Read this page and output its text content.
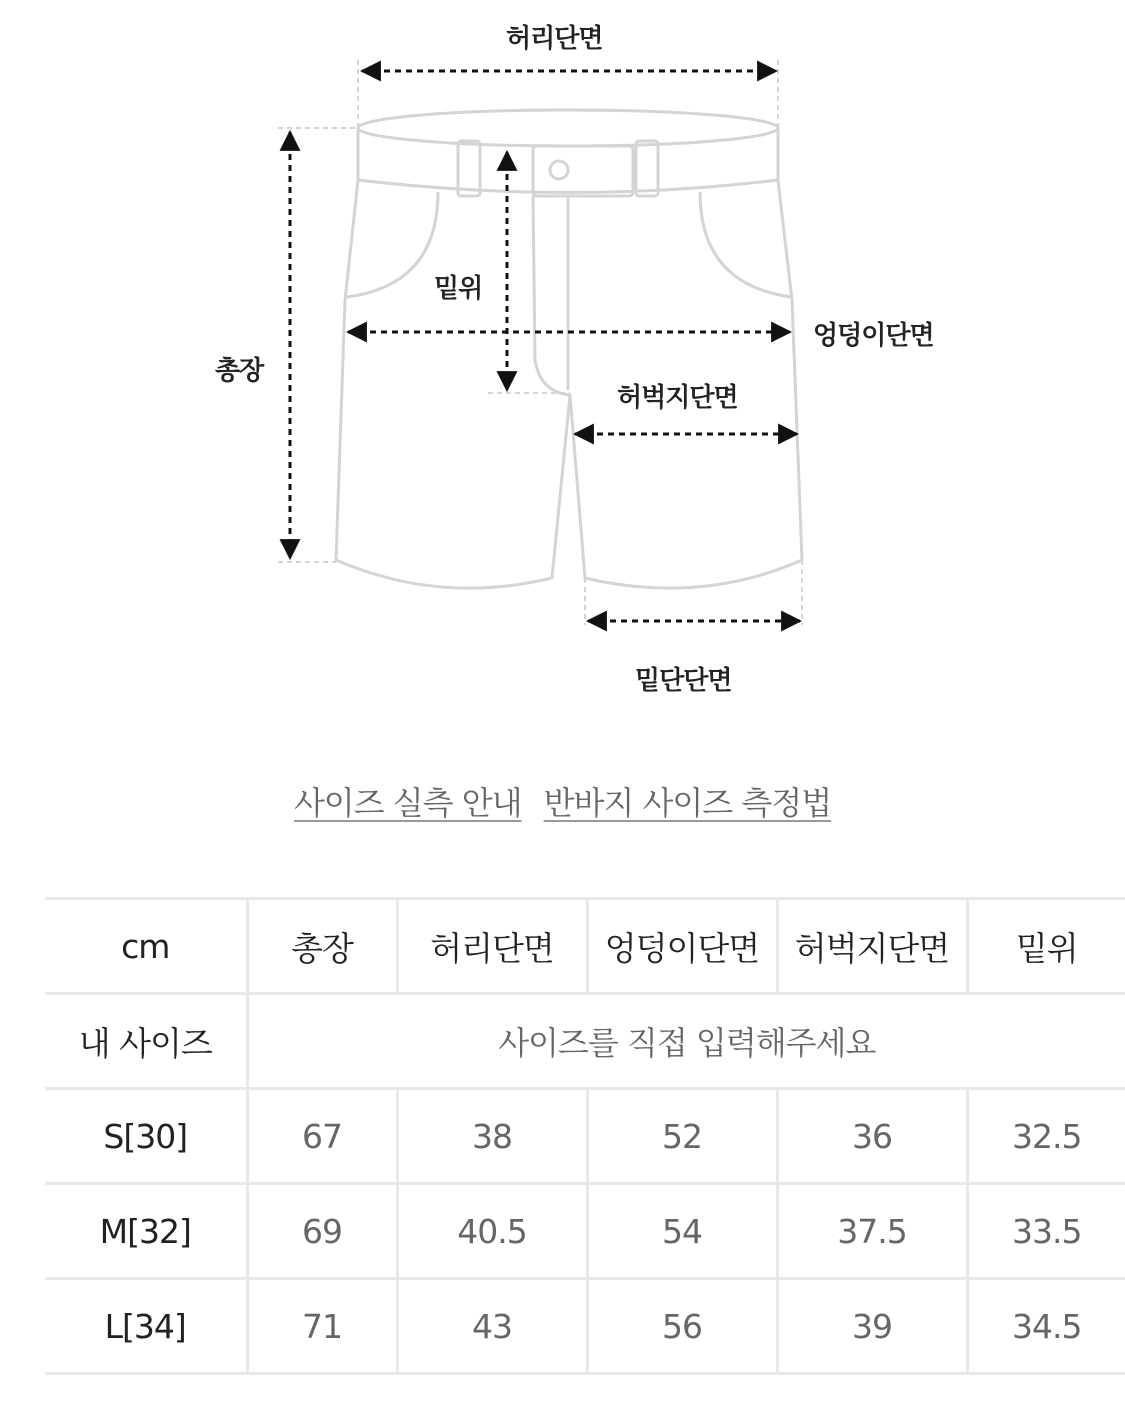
허리단면
총장
밑위
엉덩이단면
허벅지단면
밑단단면
사이즈 실측 안내 반바지 사이즈 측정법
cm	총장	허리단면	엉덩이단면	허벅지단면	밑위
내 사이즈	사이즈를 직접 입력해주세요				
S[30]	67	38	52	36	32.5
M[32]	69	40.5	54	37.5	33.5
L[34]	71	43	56	39	34.5
